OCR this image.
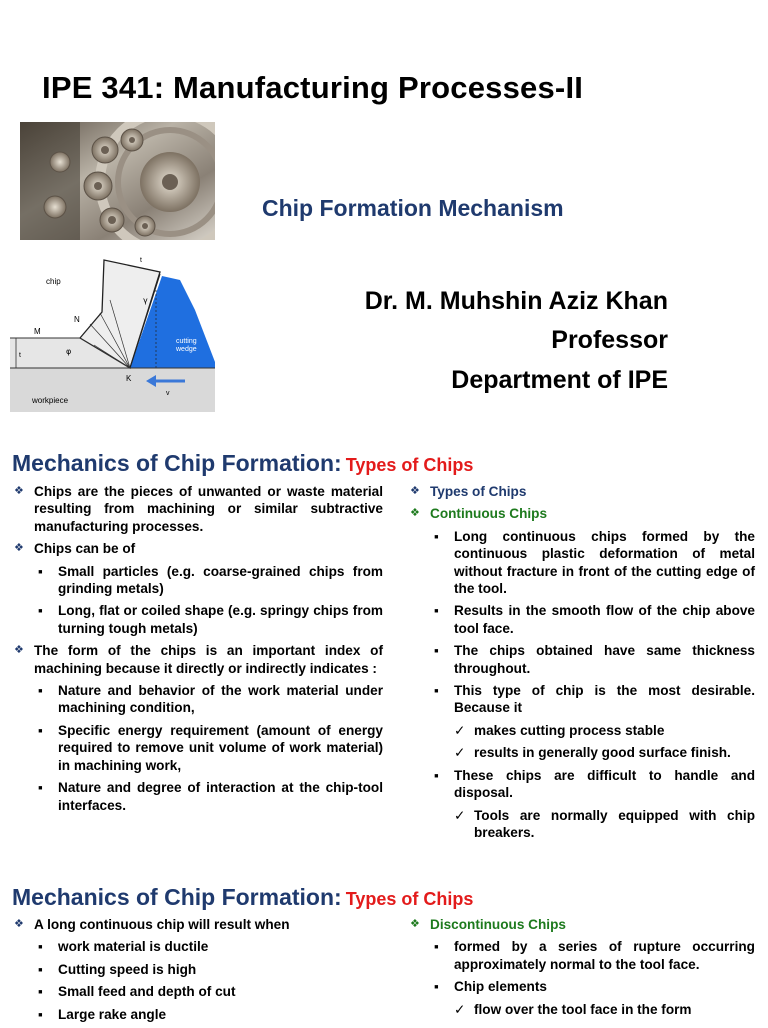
IPE 341: Manufacturing Processes-II
chip
cutting
wedge
workpiece
M
N
K
γ
φ
t
t
v
Chip Formation Mechanism
Dr. M. Muhshin Aziz Khan
Professor
Department of IPE
Mechanics of Chip Formation: Types of Chips
❖ Chips are the pieces of unwanted or waste material resulting from machining or similar subtractive manufacturing processes.
❖ Chips can be of
▪ Small particles (e.g. coarse-grained chips from grinding metals)
▪ Long, flat or coiled shape (e.g. springy chips from turning tough metals)
❖ The form of the chips is an important index of machining because it directly or indirectly indicates :
▪ Nature and behavior of the work material under machining condition,
▪ Specific energy requirement (amount of energy required to remove unit volume of work material) in machining work,
▪ Nature and degree of interaction at the chip-tool interfaces.
❖ Types of Chips
❖ Continuous Chips
▪ Long continuous chips formed by the continuous plastic deformation of metal without fracture in front of the cutting edge of the tool.
▪ Results in the smooth flow of the chip above tool face.
▪ The chips obtained have same thickness throughout.
▪ This type of chip is the most desirable. Because it
✓ makes cutting process stable
✓ results in generally good surface finish.
▪ These chips are difficult to handle and disposal.
✓ Tools are normally equipped with chip breakers.
Mechanics of Chip Formation: Types of Chips
❖ A long continuous chip will result when
▪ work material is ductile
▪ Cutting speed is high
▪ Small feed and depth of cut
▪ Large rake angle
❖ Discontinuous Chips
▪ formed by a series of rupture occurring approximately normal to the tool face.
▪ Chip elements
✓ flow over the tool face in the form
